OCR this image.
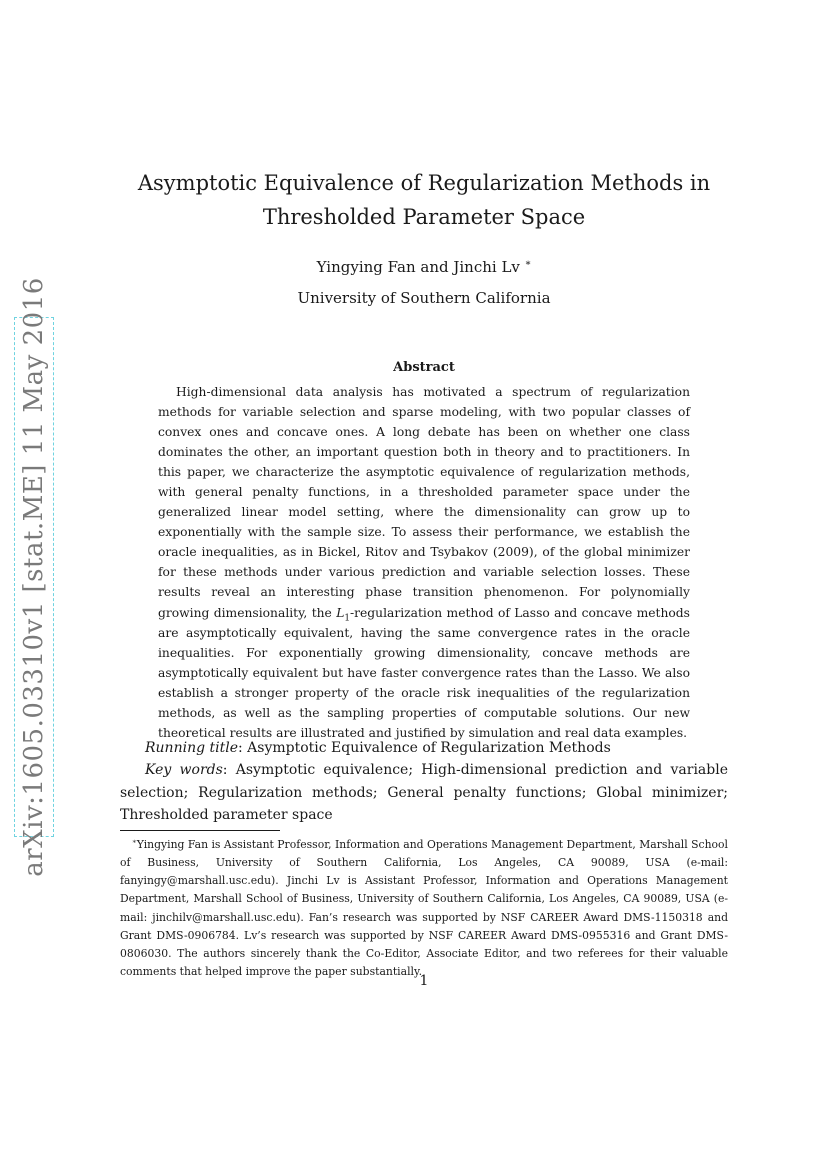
arXiv:1605.03310v1 [stat.ME] 11 May 2016
Asymptotic Equivalence of Regularization Methods in
Thresholded Parameter Space
Yingying Fan and Jinchi Lv ∗
University of Southern California
Abstract

High-dimensional data analysis has motivated a spectrum of regularization methods for variable selection and sparse modeling, with two popular classes of convex ones and concave ones. A long debate has been on whether one class dominates the other, an important question both in theory and to practitioners. In this paper, we characterize the asymptotic equivalence of regularization methods, with general penalty functions, in a thresholded parameter space under the generalized linear model setting, where the dimensionality can grow up to exponentially with the sample size. To assess their performance, we establish the oracle inequalities, as in Bickel, Ritov and Tsybakov (2009), of the global minimizer for these methods under various prediction and variable selection losses. These results reveal an interesting phase transition phenomenon. For polynomially growing dimensionality, the $L_1$-regularization method of Lasso and concave methods are asymptotically equivalent, having the same convergence rates in the oracle inequalities. For exponentially growing dimensionality, concave methods are asymptotically equivalent but have faster convergence rates than the Lasso. We also establish a stronger property of the oracle risk inequalities of the regularization methods, as well as the sampling properties of computable solutions. Our new theoretical results are illustrated and justified by simulation and real data examples.

Running title: Asymptotic Equivalence of Regularization Methods

Key words: Asymptotic equivalence; High-dimensional prediction and variable selection; Regularization methods; General penalty functions; Global minimizer; Thresholded parameter space

∗Yingying Fan is Assistant Professor, Information and Operations Management Department, Marshall School of Business, University of Southern California, Los Angeles, CA 90089, USA (e-mail: fanyingy@marshall.usc.edu). Jinchi Lv is Assistant Professor, Information and Operations Management Department, Marshall School of Business, University of Southern California, Los Angeles, CA 90089, USA (e-mail: jinchilv@marshall.usc.edu). Fan’s research was supported by NSF CAREER Award DMS-1150318 and Grant DMS-0906784. Lv’s research was supported by NSF CAREER Award DMS-0955316 and Grant DMS-0806030. The authors sincerely thank the Co-Editor, Associate Editor, and two referees for their valuable comments that helped improve the paper substantially.

1
